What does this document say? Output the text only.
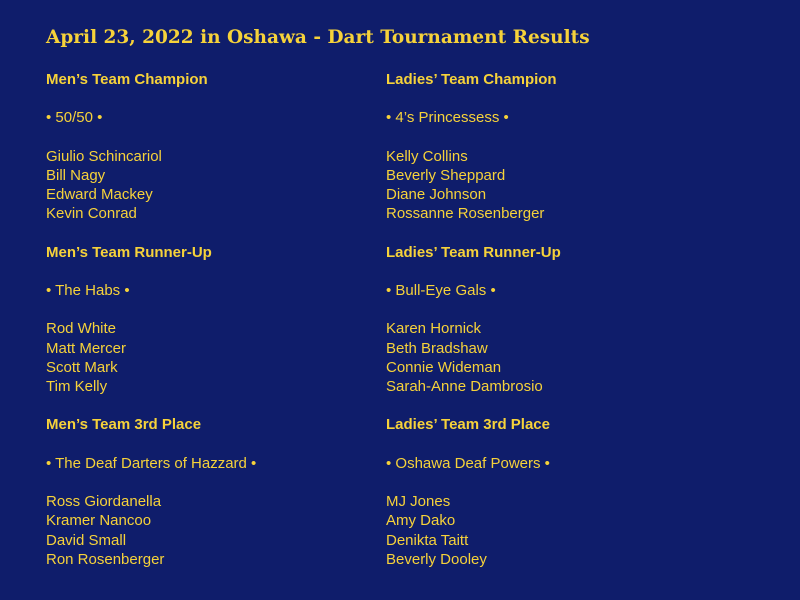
April 23, 2022 in Oshawa - Dart Tournament Results
Men’s Team Champion
• 50/50 •
Giulio Schincariol
Bill Nagy
Edward Mackey
Kevin Conrad
Men’s Team Runner-Up
• The Habs •
Rod White
Matt Mercer
Scott Mark
Tim Kelly
Men’s Team 3rd Place
• The Deaf Darters of Hazzard •
Ross Giordanella
Kramer Nancoo
David Small
Ron Rosenberger
Ladies’ Team Champion
• 4’s Princessess •
Kelly Collins
Beverly Sheppard
Diane Johnson
Rossanne Rosenberger
Ladies’ Team Runner-Up
• Bull-Eye Gals •
Karen Hornick
Beth Bradshaw
Connie Wideman
Sarah-Anne Dambrosio
Ladies’ Team 3rd Place
• Oshawa Deaf Powers •
MJ Jones
Amy Dako
Denikta Taitt
Beverly Dooley
